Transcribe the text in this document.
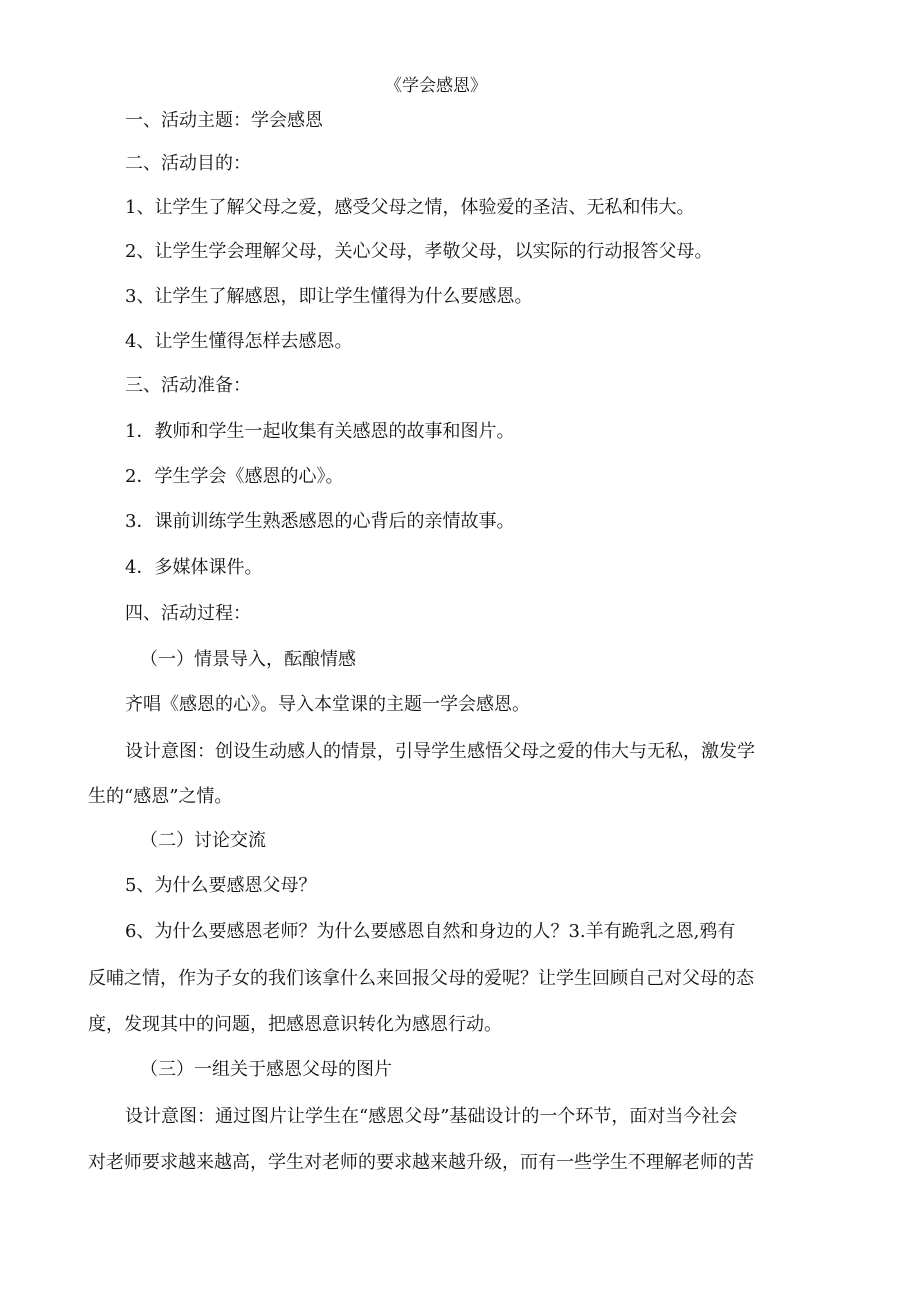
《学会感恩》

一、活动主题：学会感恩

二、活动目的：

1、让学生了解父母之爱，感受父母之情，体验爱的圣洁、无私和伟大。

2、让学生学会理解父母，关心父母，孝敬父母，以实际的行动报答父母。

3、让学生了解感恩，即让学生懂得为什么要感恩。

4、让学生懂得怎样去感恩。

三、活动准备：

1．教师和学生一起收集有关感恩的故事和图片。

2．学生学会《感恩的心》。

3．课前训练学生熟悉感恩的心背后的亲情故事。

4．多媒体课件。

四、活动过程：

（一）情景导入，酝酿情感

齐唱《感恩的心》。导入本堂课的主题一学会感恩。

设计意图：创设生动感人的情景，引导学生感悟父母之爱的伟大与无私，激发学

生的“感恩”之情。

（二）讨论交流

5、为什么要感恩父母？

6、为什么要感恩老师？为什么要感恩自然和身边的人？3.羊有跪乳之恩,鸦有

反哺之情，作为子女的我们该拿什么来回报父母的爱呢？让学生回顾自己对父母的态

度，发现其中的问题，把感恩意识转化为感恩行动。

（三）一组关于感恩父母的图片

设计意图：通过图片让学生在“感恩父母”基础设计的一个环节，面对当今社会

对老师要求越来越高，学生对老师的要求越来越升级，而有一些学生不理解老师的苦
